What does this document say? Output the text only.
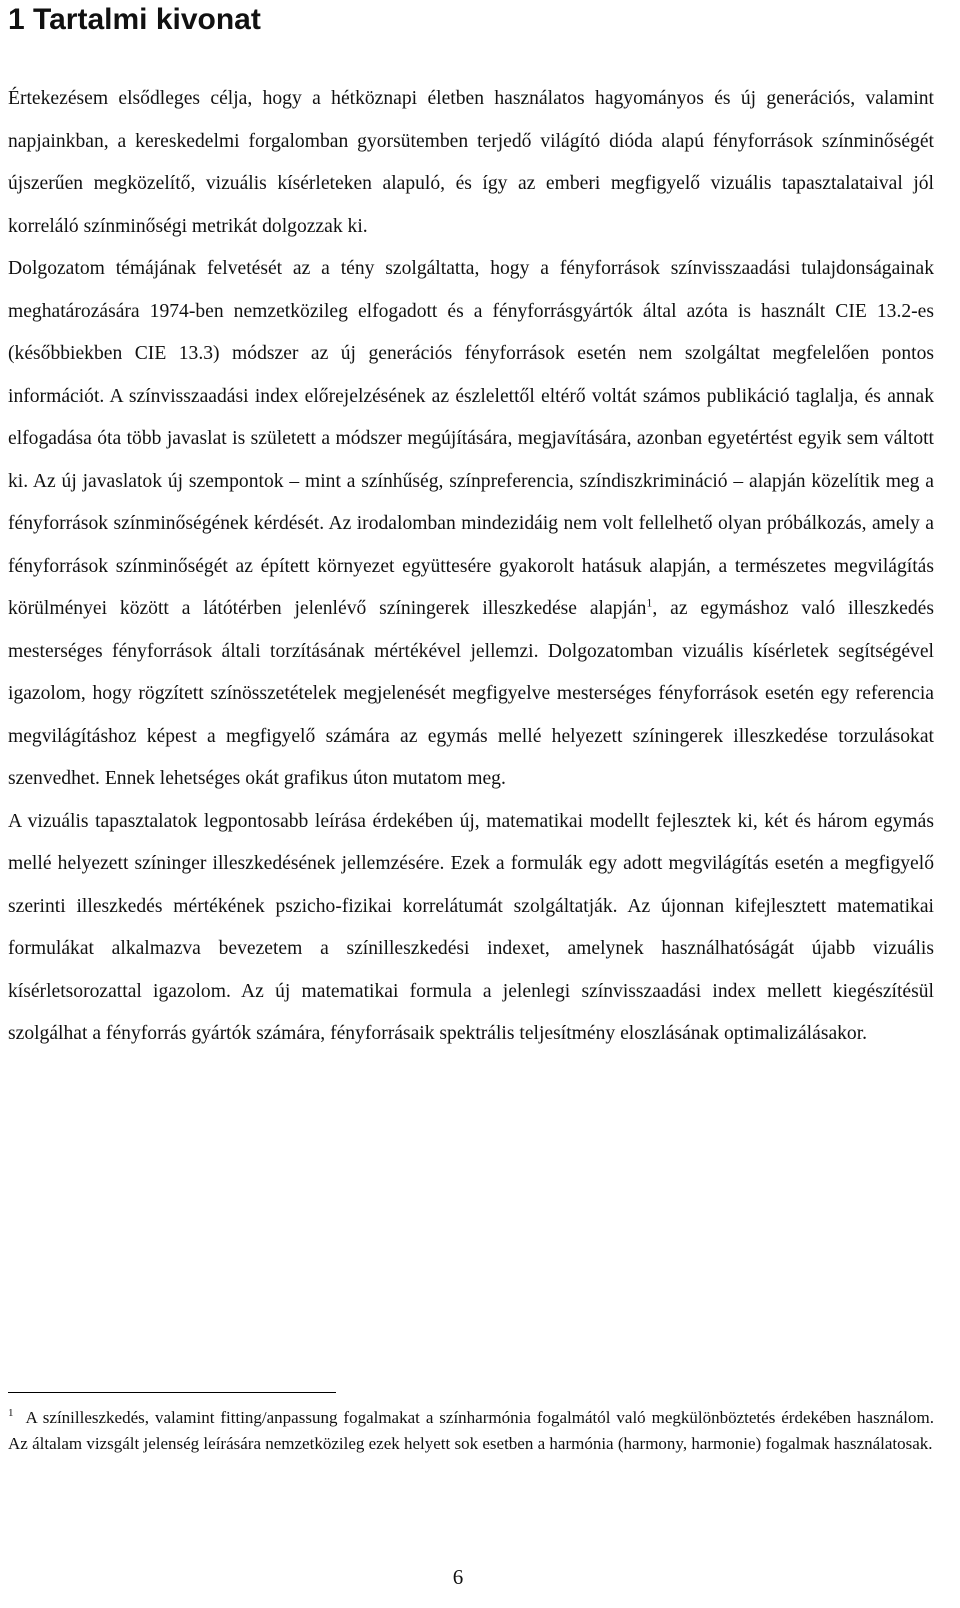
1 Tartalmi kivonat

Értekezésem elsődleges célja, hogy a hétköznapi életben használatos hagyományos és új generációs, valamint napjainkban, a kereskedelmi forgalomban gyorsütemben terjedő világító dióda alapú fényforrások színminőségét újszerűen megközelítő, vizuális kísérleteken alapuló, és így az emberi megfigyelő vizuális tapasztalataival jól korreláló színminőségi metrikát dolgozzak ki.

Dolgozatom témájának felvetését az a tény szolgáltatta, hogy a fényforrások színvisszaadási tulajdonságainak meghatározására 1974-ben nemzetközileg elfogadott és a fényforrásgyártók által azóta is használt CIE 13.2-es (későbbiekben CIE 13.3) módszer az új generációs fényforrások esetén nem szolgáltat megfelelően pontos információt. A színvisszaadási index előrejelzésének az észlelettől eltérő voltát számos publikáció taglalja, és annak elfogadása óta több javaslat is született a módszer megújítására, megjavítására, azonban egyetértést egyik sem váltott ki. Az új javaslatok új szempontok – mint a színhűség, színpreferencia, színdiszkrimináció – alapján közelítik meg a fényforrások színminőségének kérdését. Az irodalomban mindezidáig nem volt fellelhető olyan próbálkozás, amely a fényforrások színminőségét az épített környezet együttesére gyakorolt hatásuk alapján, a természetes megvilágítás körülményei között a látótérben jelenlévő színingerek illeszkedése alapján$^1$, az egymáshoz való illeszkedés mesterséges fényforrások általi torzításának mértékével jellemzi. Dolgozatomban vizuális kísérletek segítségével igazolom, hogy rögzített színösszetételek megjelenését megfigyelve mesterséges fényforrások esetén egy referencia megvilágításhoz képest a megfigyelő számára az egymás mellé helyezett színingerek illeszkedése torzulásokat szenvedhet. Ennek lehetséges okát grafikus úton mutatom meg.

A vizuális tapasztalatok legpontosabb leírása érdekében új, matematikai modellt fejlesztek ki, két és három egymás mellé helyezett színinger illeszkedésének jellemzésére. Ezek a formulák egy adott megvilágítás esetén a megfigyelő szerinti illeszkedés mértékének pszicho-fizikai korrelátumát szolgáltatják. Az újonnan kifejlesztett matematikai formulákat alkalmazva bevezetem a színilleszkedési indexet, amelynek használhatóságát újabb vizuális kísérletsorozattal igazolom. Az új matematikai formula a jelenlegi színvisszaadási index mellett kiegészítésül szolgálhat a fényforrás gyártók számára, fényforrásaik spektrális teljesítmény eloszlásának optimalizálásakor.

$^1$ A színilleszkedés, valamint fitting/anpassung fogalmakat a színharmónia fogalmától való megkülönböztetés érdekében használom. Az általam vizsgált jelenség leírására nemzetközileg ezek helyett sok esetben a harmónia (harmony, harmonie) fogalmak használatosak.
6
